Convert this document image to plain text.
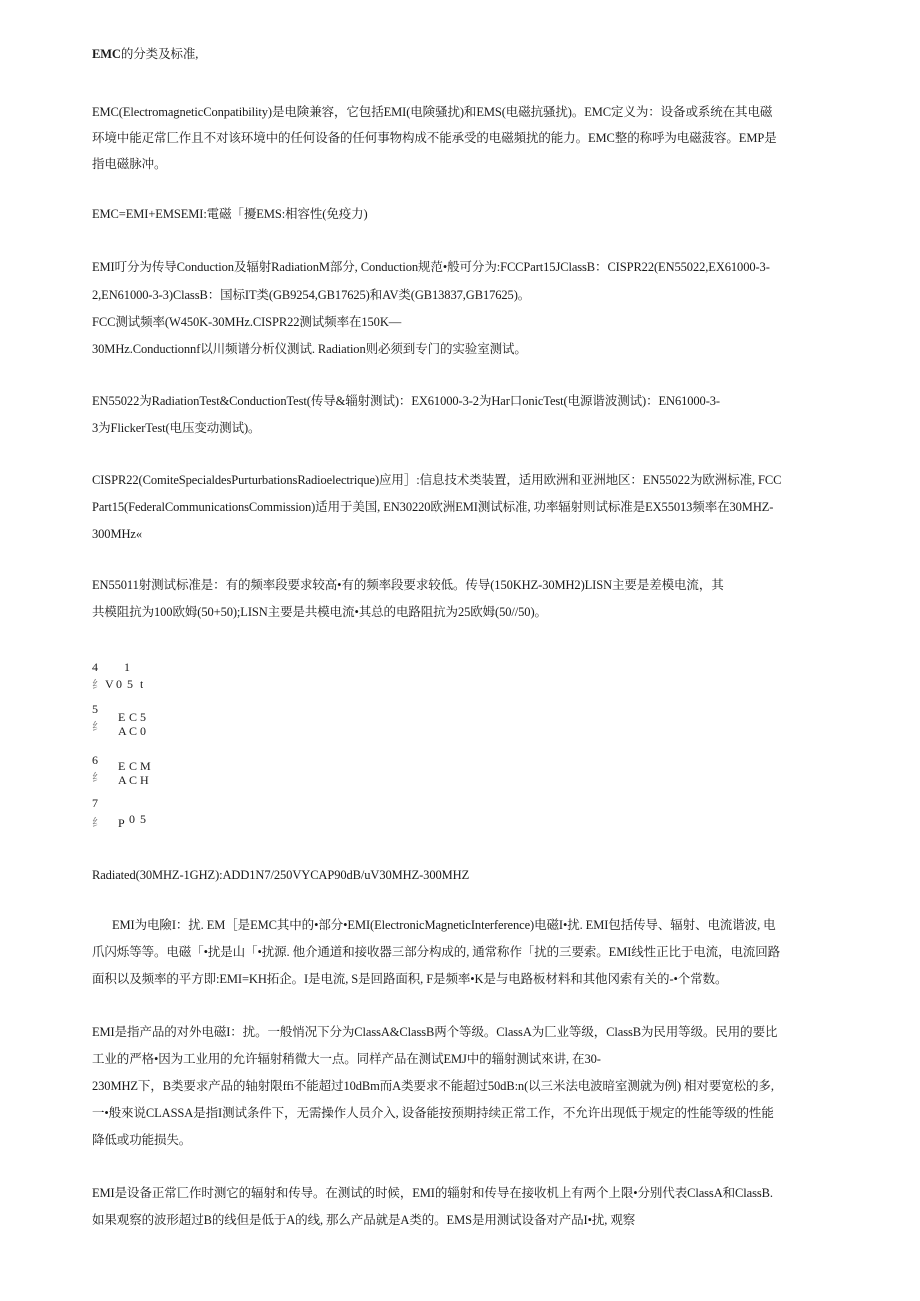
EMC的分类及标准,
EMC(ElectromagneticConpatibility)是电険兼容，它包括EMI(电険骚扰)和EMS(电磁抗骚扰)。EMC定义为：设备或系统在其电磁
环境中能疋常匚作且不对该环境中的任何设备的任何事物构成不能承受的电磁頻扰的能力。EMC整的称呼为电磁菠容。EMP是
指电磁脉冲。
EMC=EMI+EMSEMI:電磁「擾EMS:相容性(免疫力)
EMI叮分为传导Conduction及辐射RadiationM部分, Conduction规范•般可分为:FCCPart15JClassB：CISPR22(EN55022,EX61000-3-
2,EN61000-3-3)ClassB：国标IT类(GB9254,GB17625)和AV类(GB13837,GB17625)。
FCC测试频率(W450K-30MHz.CISPR22测试频率在150K—
30MHz.Conductionnf以川频谱分析仪测试. Radiation则必须到专门的实验室测试。
EN55022为RadiationTest&ConductionTest(传导&辎射测试)：EX61000-3-2为Har口onicTest(电源谐波测试)：EN61000-3-
3为FlickerTest(电压变动测试)。
CISPR22(ComiteSpecialdesPurturbationsRadioelectrique)应用］:信息技术类装置，适用欧洲和亚洲地区：EN55022为欧洲标准, FCC
Part15(FederalCommunicationsCommission)适用于美国, EN30220欧洲EMI测试标准, 功率辐射则试标准是EX55013频率在30MHZ-
300MHz«
EN55011射测试标准是：有的频率段要求较高•有的频率段要求较低。传导(150KHZ-30MH2)LISN主要是差模电流，其
共模阻抗为100欧姆(50+50);LISN主要是共模电流•其总的电路阻抗为25欧姆(50//50)。
4
纟
1
V 0 5 t
5
纟
E C 5
A C 0
6
纟
E C M
A C H
7
纟 P 0 5
Radiated(30MHZ-1GHZ):ADD1N7/250VYCAP90dB/uV30MHZ-300MHZ
EMI为电險I：扰. EM［是EMC其中的•部分•EMI(ElectronicMagneticInterference)电磁I•扰. EMI包括传导、辐射、电流谐波, 电
爪闪烁等等。电磁「•扰是山「•扰源. 他介通道和接收器三部分构成的, 通常称作「扰的三要索。EMI线性正比于电流，电流回路
面积以及频率的平方即:EMI=KH拓企。I是电流, S是回路面积, F是频率•K是与电路板材料和其他冈索有关的-•个常数。
EMI是指产品的对外电磁I：扰。一般悄况下分为ClassA&ClassB两个等级。ClassA为匚业等级，ClassB为民用等级。民用的要比
工业的严格•因为工业用的允许辐射稍微大一点。同样产品在测试EMJ中的辎射测试來讲, 在30-
230MHZ下，B类要求产品的轴射限ffi不能超过10dBm而A类要求不能超过50dB:n(以三米法电波暗室测就为例) 相对要宽松的多,
一•般來说CLASSA是指I测试条件下，无需操作人员介入, 设备能按预期持续正常工作，不允许出现低于规定的性能等级的性能
降低或功能损失。
EMI是设备正常匸作时测它的辐射和传导。在测试的时候，EMI的辎射和传导在接收机上有两个上限•分别代表ClassA和ClassB.
如果观察的波形超过B的线但是低于A的线, 那么产品就是A类的。EMS是用测试设备对产品I•扰, 观察
